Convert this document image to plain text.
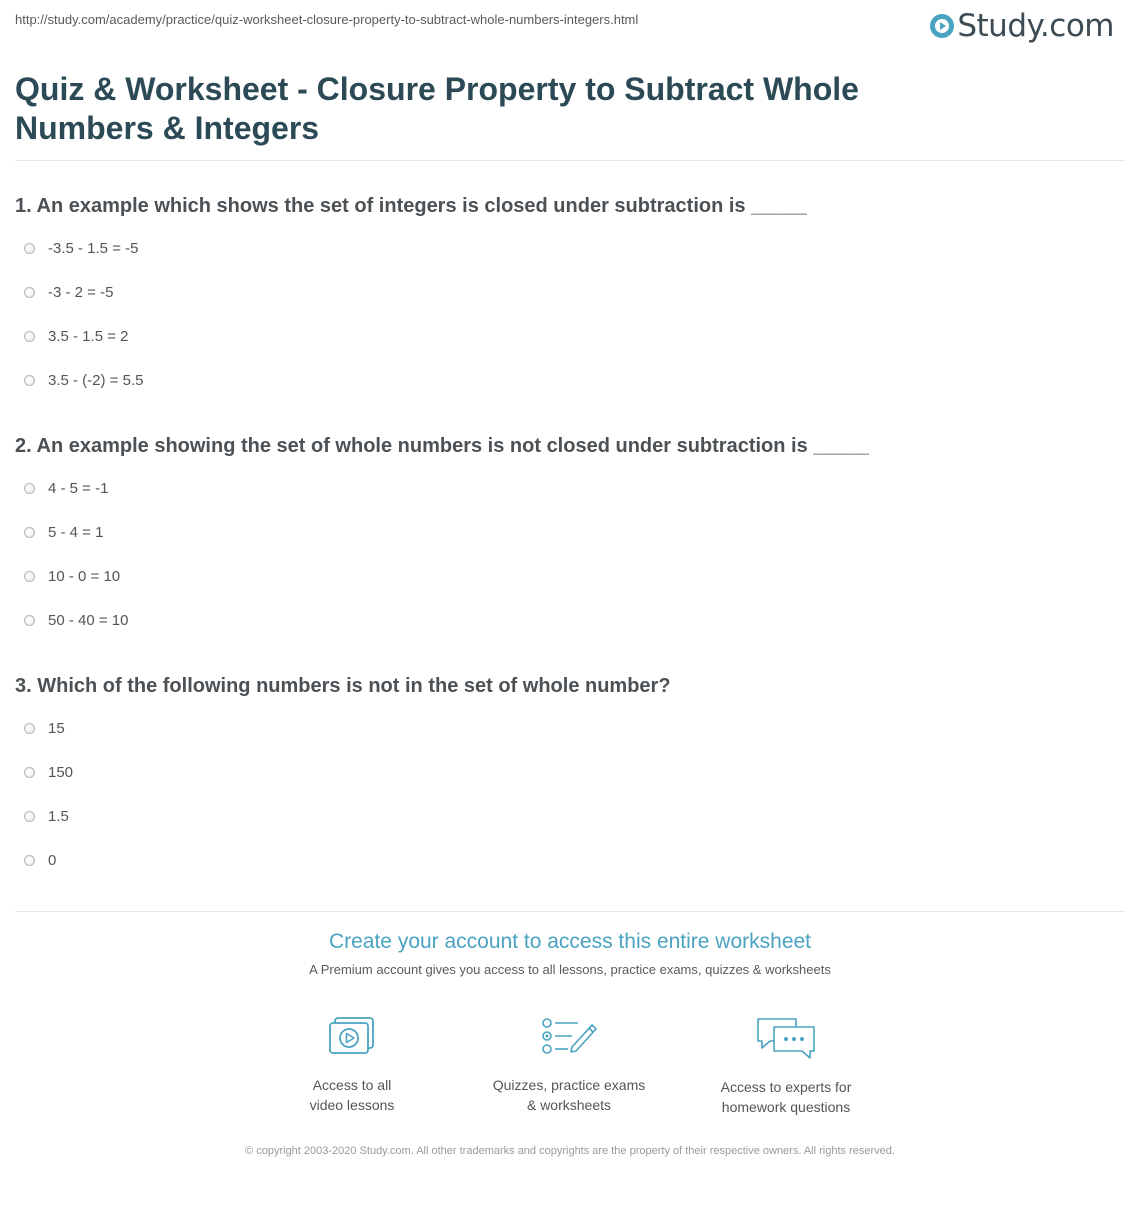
http://study.com/academy/practice/quiz-worksheet-closure-property-to-subtract-whole-numbers-integers.html	Study.com
Quiz & Worksheet - Closure Property to Subtract Whole Numbers & Integers

1. An example which shows the set of integers is closed under subtraction is _____

-3.5 - 1.5 = -5
-3 - 2 = -5
3.5 - 1.5 = 2
3.5 - (-2) = 5.5

2. An example showing the set of whole numbers is not closed under subtraction is _____

4 - 5 = -1
5 - 4 = 1
10 - 0 = 10
50 - 40 = 10

3. Which of the following numbers is not in the set of whole number?

15
150
1.5
0

Create your account to access this entire worksheet

A Premium account gives you access to all lessons, practice exams, quizzes & worksheets
Access to all
video lessons
Quizzes, practice exams
& worksheets
Access to experts for
homework questions
© copyright 2003-2020 Study.com. All other trademarks and copyrights are the property of their respective owners. All rights reserved.
